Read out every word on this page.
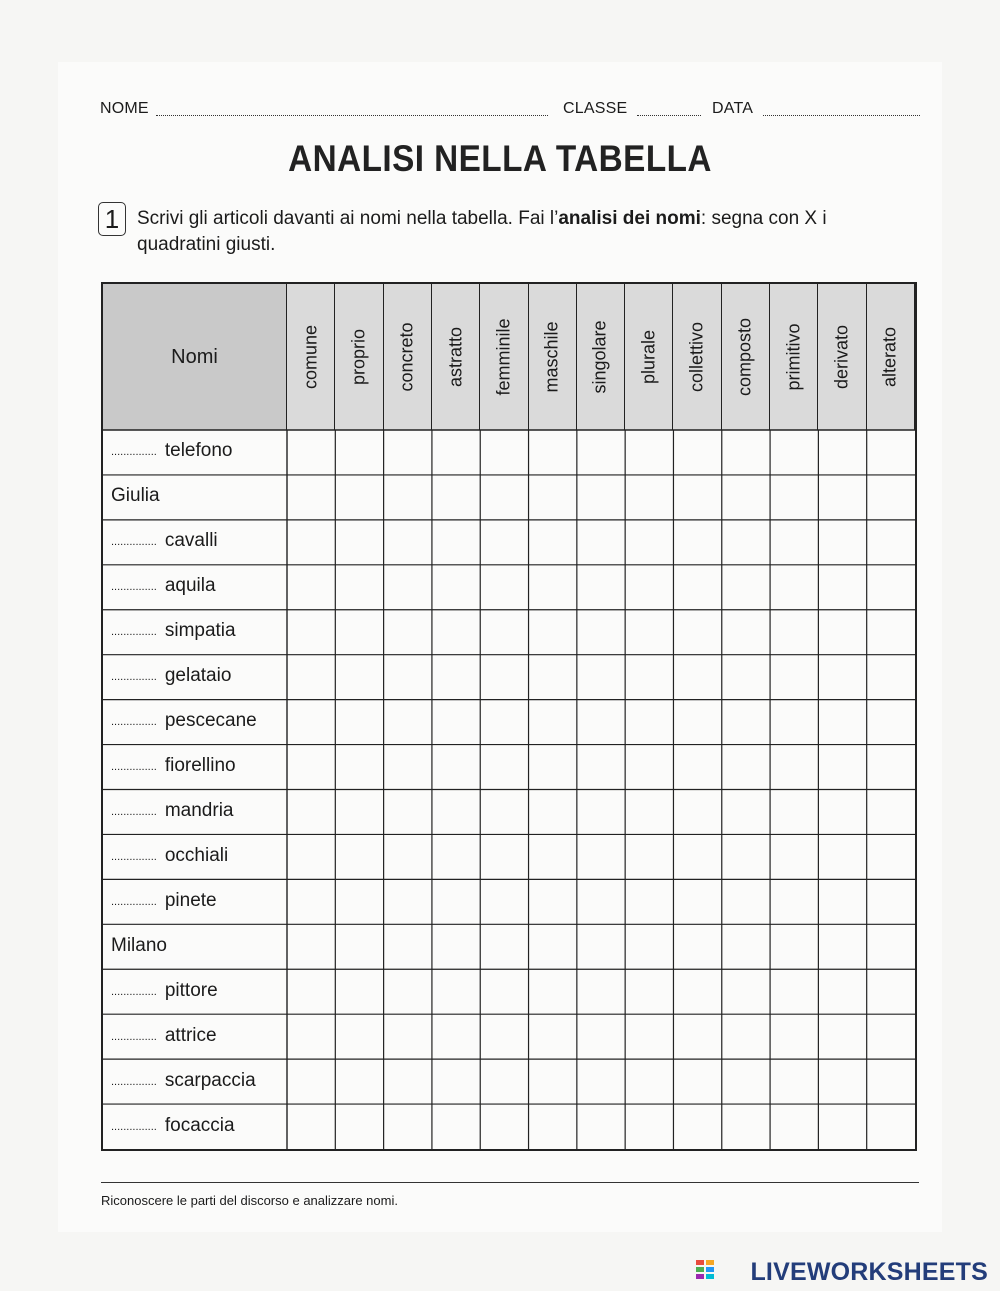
NOME	CLASSE	DATA
ANALISI NELLA TABELLA
1 Scrivi gli articoli davanti ai nomi nella tabella. Fai l’analisi dei nomi: segna con X i quadratini giusti.
Nomi	comune proprio concreto astratto femminile maschile singolare plurale collettivo composto primitivo derivato alterato
............... telefono
Giulia
............... cavalli
............... aquila
............... simpatia
............... gelataio
............... pescecane
............... fiorellino
............... mandria
............... occhiali
............... pinete
Milano
............... pittore
............... attrice
............... scarpaccia
............... focaccia
Riconoscere le parti del discorso e analizzare nomi.
LIVEWORKSHEETS
